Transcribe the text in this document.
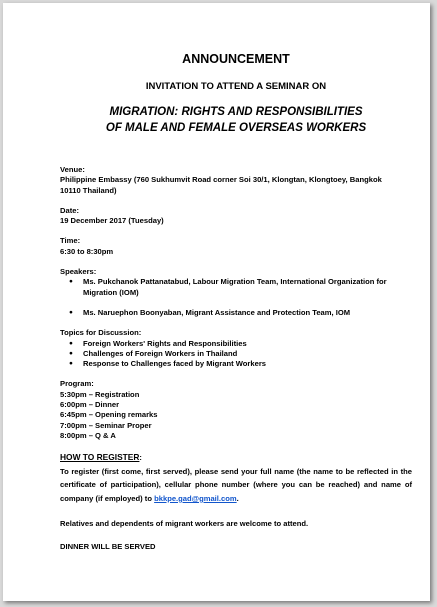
ANNOUNCEMENT
INVITATION TO ATTEND A SEMINAR ON
MIGRATION: RIGHTS AND RESPONSIBILITIES
OF MALE AND FEMALE OVERSEAS WORKERS
Venue:
Philippine Embassy (760 Sukhumvit Road corner Soi 30/1, Klongtan, Klongtoey, Bangkok
10110 Thailand)
Date:
19 December 2017 (Tuesday)
Time:
6:30 to 8:30pm
Speakers:
● Ms. Pukchanok Pattanatabud, Labour Migration Team, International Organization for Migration (IOM)
● Ms. Naruephon Boonyaban, Migrant Assistance and Protection Team, IOM
Topics for Discussion:
● Foreign Workers' Rights and Responsibilities
● Challenges of Foreign Workers in Thailand
● Response to Challenges faced by Migrant Workers
Program:
5:30pm – Registration
6:00pm – Dinner
6:45pm – Opening remarks
7:00pm – Seminar Proper
8:00pm – Q & A
HOW TO REGISTER:
To register (first come, first served), please send your full name (the name to be reflected in the certificate of participation), cellular phone number (where you can be reached) and name of company (if employed) to bkkpe.gad@gmail.com.
Relatives and dependents of migrant workers are welcome to attend.
DINNER WILL BE SERVED
